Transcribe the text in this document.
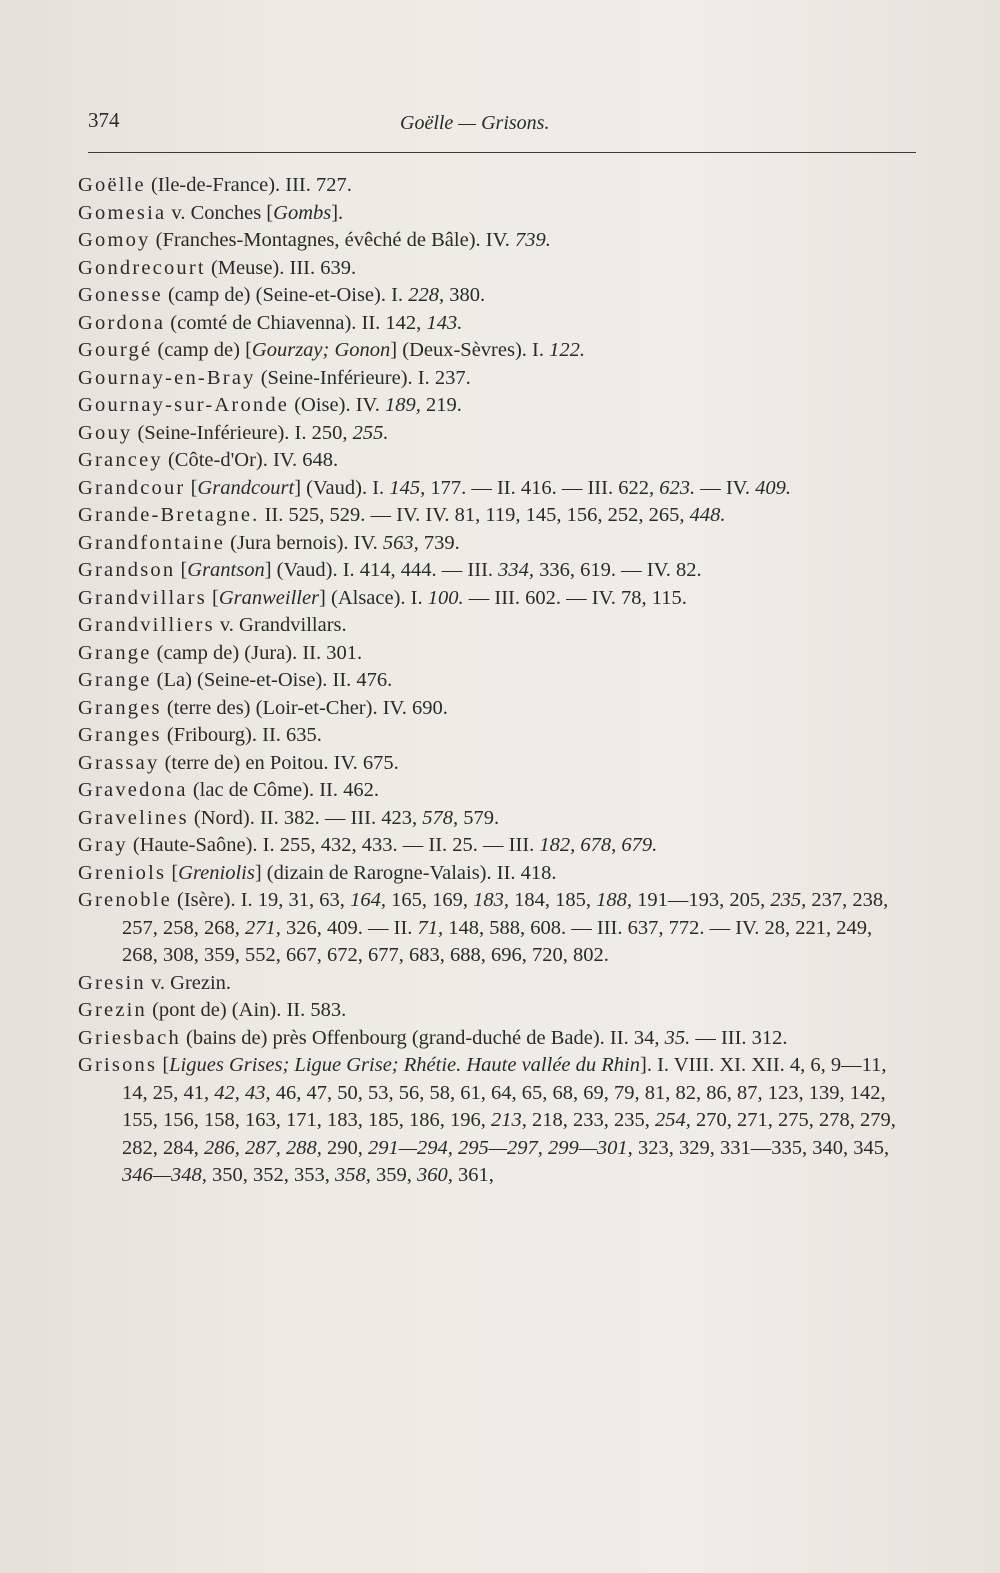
374	Goëlle — Grisons.

Goëlle (Ile-de-France). III. 727.

Gomesia v. Conches [Gombs].

Gomoy (Franches-Montagnes, évêché de Bâle). IV. 739.

Gondrecourt (Meuse). III. 639.

Gonesse (camp de) (Seine-et-Oise). I. 228, 380.

Gordona (comté de Chiavenna). II. 142, 143.

Gourgé (camp de) [Gourzay; Gonon] (Deux-Sèvres). I. 122.

Gournay-en-Bray (Seine-Inférieure). I. 237.

Gournay-sur-Aronde (Oise). IV. 189, 219.

Gouy (Seine-Inférieure). I. 250, 255.

Grancey (Côte-d'Or). IV. 648.

Grandcour [Grandcourt] (Vaud). I. 145, 177. — II. 416. — III. 622, 623. — IV. 409.

Grande-Bretagne. II. 525, 529. — IV. IV. 81, 119, 145, 156, 252, 265, 448.

Grandfontaine (Jura bernois). IV. 563, 739.

Grandson [Grantson] (Vaud). I. 414, 444. — III. 334, 336, 619. — IV. 82.

Grandvillars [Granweiller] (Alsace). I. 100. — III. 602. — IV. 78, 115.

Grandvilliers v. Grandvillars.

Grange (camp de) (Jura). II. 301.

Grange (La) (Seine-et-Oise). II. 476.

Granges (terre des) (Loir-et-Cher). IV. 690.

Granges (Fribourg). II. 635.

Grassay (terre de) en Poitou. IV. 675.

Gravedona (lac de Côme). II. 462.

Gravelines (Nord). II. 382. — III. 423, 578, 579.

Gray (Haute-Saône). I. 255, 432, 433. — II. 25. — III. 182, 678, 679.

Greniols [Greniolis] (dizain de Rarogne-Valais). II. 418.

Grenoble (Isère). I. 19, 31, 63, 164, 165, 169, 183, 184, 185, 188, 191—193, 205, 235, 237, 238, 257, 258, 268, 271, 326, 409. — II. 71, 148, 588, 608. — III. 637, 772. — IV. 28, 221, 249, 268, 308, 359, 552, 667, 672, 677, 683, 688, 696, 720, 802.

Gresin v. Grezin.

Grezin (pont de) (Ain). II. 583.

Griesbach (bains de) près Offenbourg (grand-duché de Bade). II. 34, 35. — III. 312.

Grisons [Ligues Grises; Ligue Grise; Rhétie. Haute vallée du Rhin]. I. VIII. XI. XII. 4, 6, 9—11, 14, 25, 41, 42, 43, 46, 47, 50, 53, 56, 58, 61, 64, 65, 68, 69, 79, 81, 82, 86, 87, 123, 139, 142, 155, 156, 158, 163, 171, 183, 185, 186, 196, 213, 218, 233, 235, 254, 270, 271, 275, 278, 279, 282, 284, 286, 287, 288, 290, 291—294, 295—297, 299—301, 323, 329, 331—335, 340, 345, 346—348, 350, 352, 353, 358, 359, 360, 361,
